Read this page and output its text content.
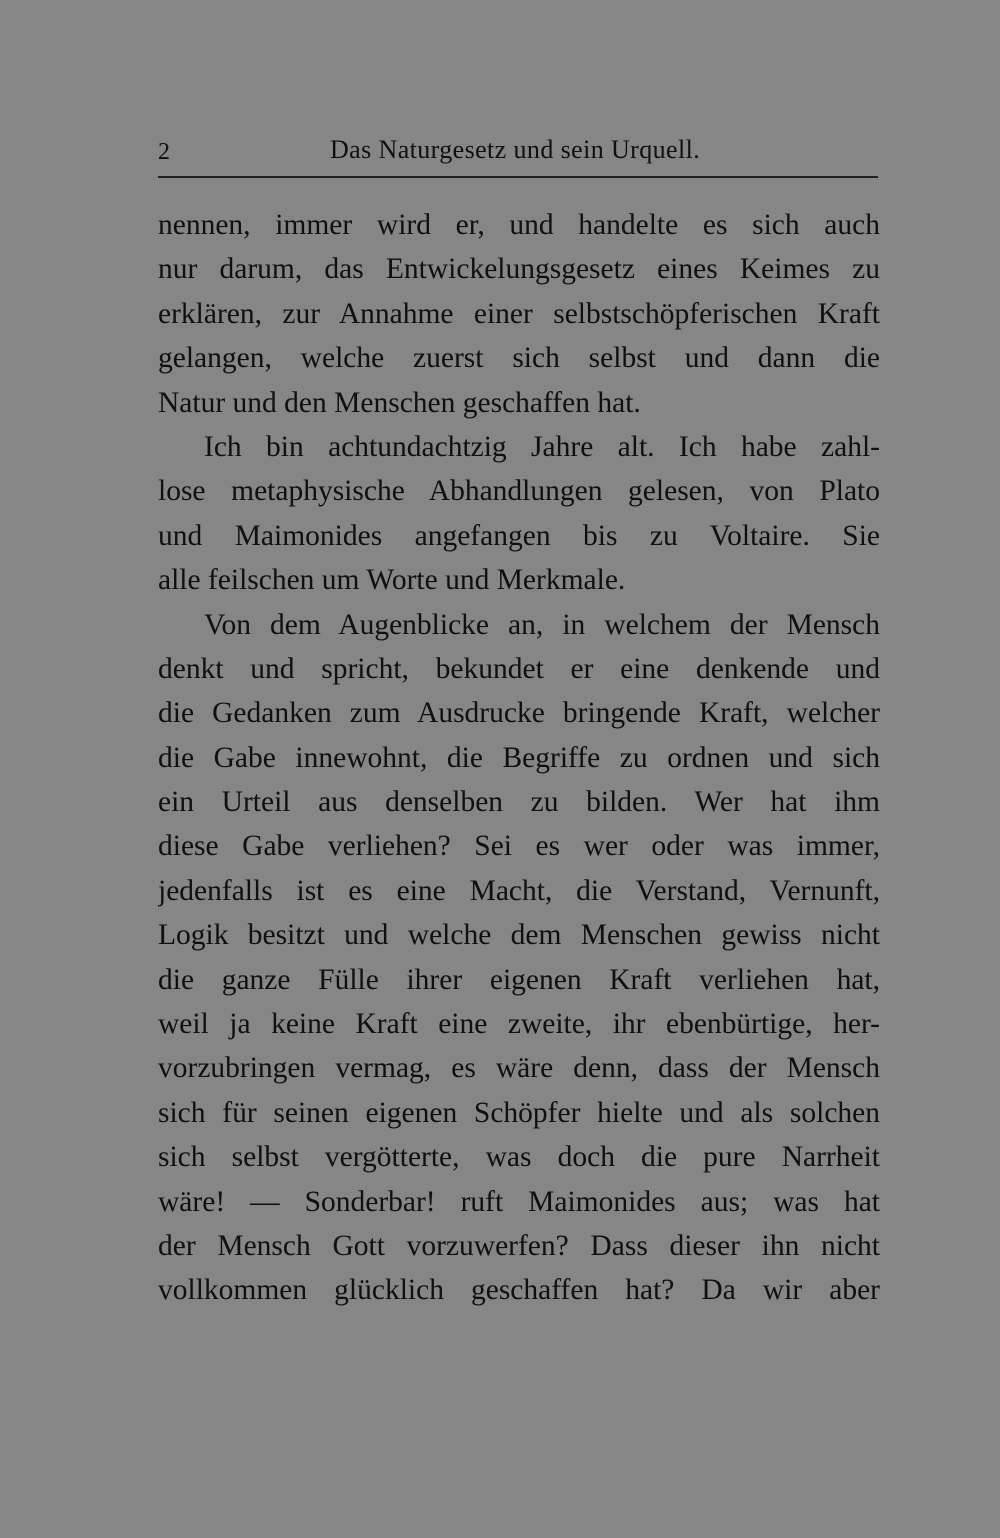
2	Das Naturgesetz und sein Urquell.
nennen, immer wird er, und handelte es sich auch
nur darum, das Entwickelungsgesetz eines Keimes zu
erklären, zur Annahme einer selbstschöpferischen Kraft
gelangen, welche zuerst sich selbst und dann die
Natur und den Menschen geschaffen hat.
Ich bin achtundachtzig Jahre alt. Ich habe zahl-
lose metaphysische Abhandlungen gelesen, von Plato
und Maimonides angefangen bis zu Voltaire. Sie
alle feilschen um Worte und Merkmale.
Von dem Augenblicke an, in welchem der Mensch
denkt und spricht, bekundet er eine denkende und
die Gedanken zum Ausdrucke bringende Kraft, welcher
die Gabe innewohnt, die Begriffe zu ordnen und sich
ein Urteil aus denselben zu bilden. Wer hat ihm
diese Gabe verliehen? Sei es wer oder was immer,
jedenfalls ist es eine Macht, die Verstand, Vernunft,
Logik besitzt und welche dem Menschen gewiss nicht
die ganze Fülle ihrer eigenen Kraft verliehen hat,
weil ja keine Kraft eine zweite, ihr ebenbürtige, her-
vorzubringen vermag, es wäre denn, dass der Mensch
sich für seinen eigenen Schöpfer hielte und als solchen
sich selbst vergötterte, was doch die pure Narrheit
wäre! — Sonderbar! ruft Maimonides aus; was hat
der Mensch Gott vorzuwerfen? Dass dieser ihn nicht
vollkommen glücklich geschaffen hat? Da wir aber
